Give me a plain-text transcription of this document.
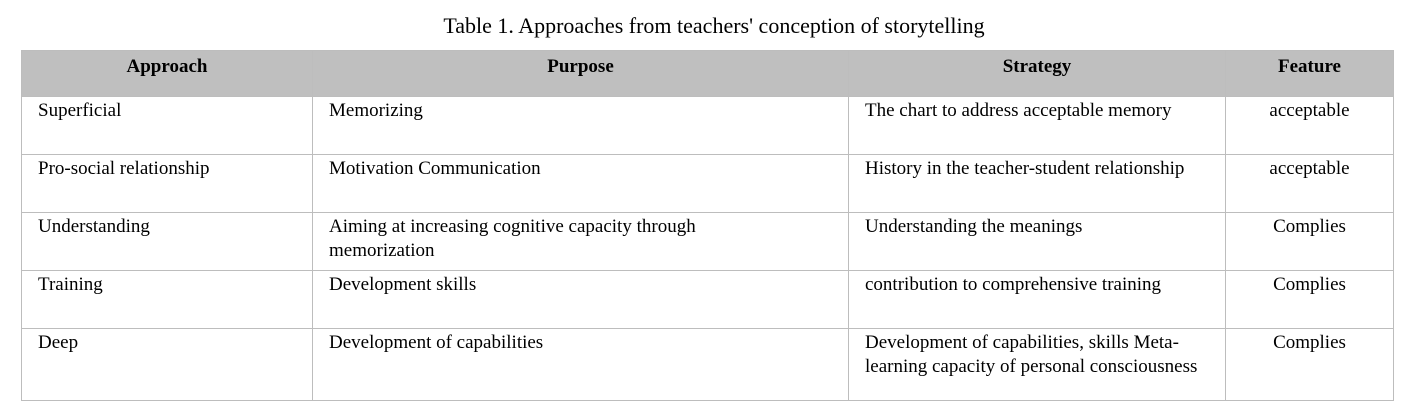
Table 1. Approaches from teachers' conception of storytelling
Approach	Purpose	Strategy	Feature
Superficial	Memorizing	The chart to address acceptable memory	acceptable
Pro-social relationship	Motivation Communication	History in the teacher-student relationship	acceptable
Understanding	Aiming at increasing cognitive capacity through memorization	Understanding the meanings	Complies
Training	Development skills	contribution to comprehensive training	Complies
Deep	Development of capabilities	Development of capabilities, skills Meta-learning capacity of personal consciousness	Complies
